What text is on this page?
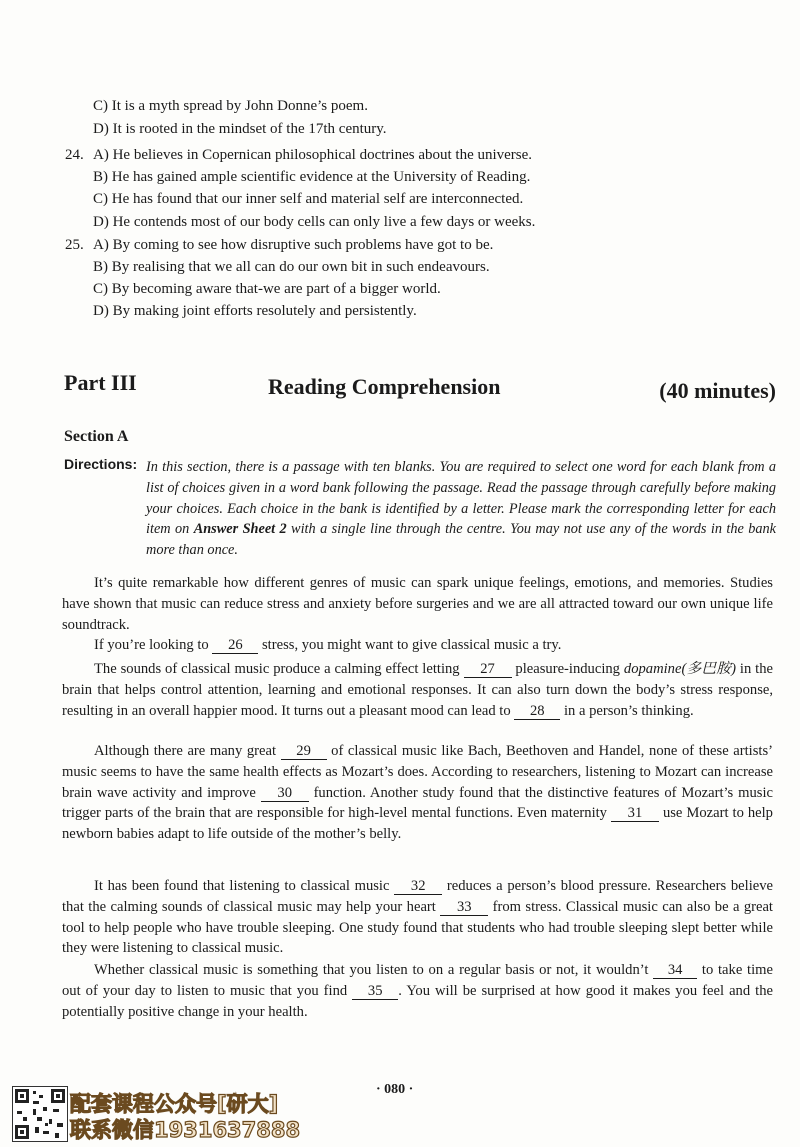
C) It is a myth spread by John Donne’s poem.
D) It is rooted in the mindset of the 17th century.
24. A) He believes in Copernican philosophical doctrines about the universe.
B) He has gained ample scientific evidence at the University of Reading.
C) He has found that our inner self and material self are interconnected.
D) He contends most of our body cells can only live a few days or weeks.
25. A) By coming to see how disruptive such problems have got to be.
B) By realising that we all can do our own bit in such endeavours.
C) By becoming aware that-we are part of a bigger world.
D) By making joint efforts resolutely and persistently.
Part III	Reading Comprehension	(40 minutes)
Section A
Directions: In this section, there is a passage with ten blanks. You are required to select one word for each blank from a list of choices given in a word bank following the passage. Read the passage through carefully before making your choices. Each choice in the bank is identified by a letter. Please mark the corresponding letter for each item on Answer Sheet 2 with a single line through the centre. You may not use any of the words in the bank more than once.
It’s quite remarkable how different genres of music can spark unique feelings, emotions, and memories. Studies have shown that music can reduce stress and anxiety before surgeries and we are all attracted toward our own unique life soundtrack.
If you’re looking to 26 stress, you might want to give classical music a try.
The sounds of classical music produce a calming effect letting 27 pleasure-inducing dopamine(多巴胺) in the brain that helps control attention, learning and emotional responses. It can also turn down the body’s stress response, resulting in an overall happier mood. It turns out a pleasant mood can lead to 28 in a person’s thinking.
Although there are many great 29 of classical music like Bach, Beethoven and Handel, none of these artists’ music seems to have the same health effects as Mozart’s does. According to researchers, listening to Mozart can increase brain wave activity and improve 30 function. Another study found that the distinctive features of Mozart’s music trigger parts of the brain that are responsible for high-level mental functions. Even maternity 31 use Mozart to help newborn babies adapt to life outside of the mother’s belly.
It has been found that listening to classical music 32 reduces a person’s blood pressure. Researchers believe that the calming sounds of classical music may help your heart 33 from stress. Classical music can also be a great tool to help people who have trouble sleeping. One study found that students who had trouble sleeping slept better while they were listening to classical music.
Whether classical music is something that you listen to on a regular basis or not, it wouldn’t 34 to take time out of your day to listen to music that you find 35 . You will be surprised at how good it makes you feel and the potentially positive change in your health.
· 080 ·
配套课程公众号[研大]
联系微信1931637888
